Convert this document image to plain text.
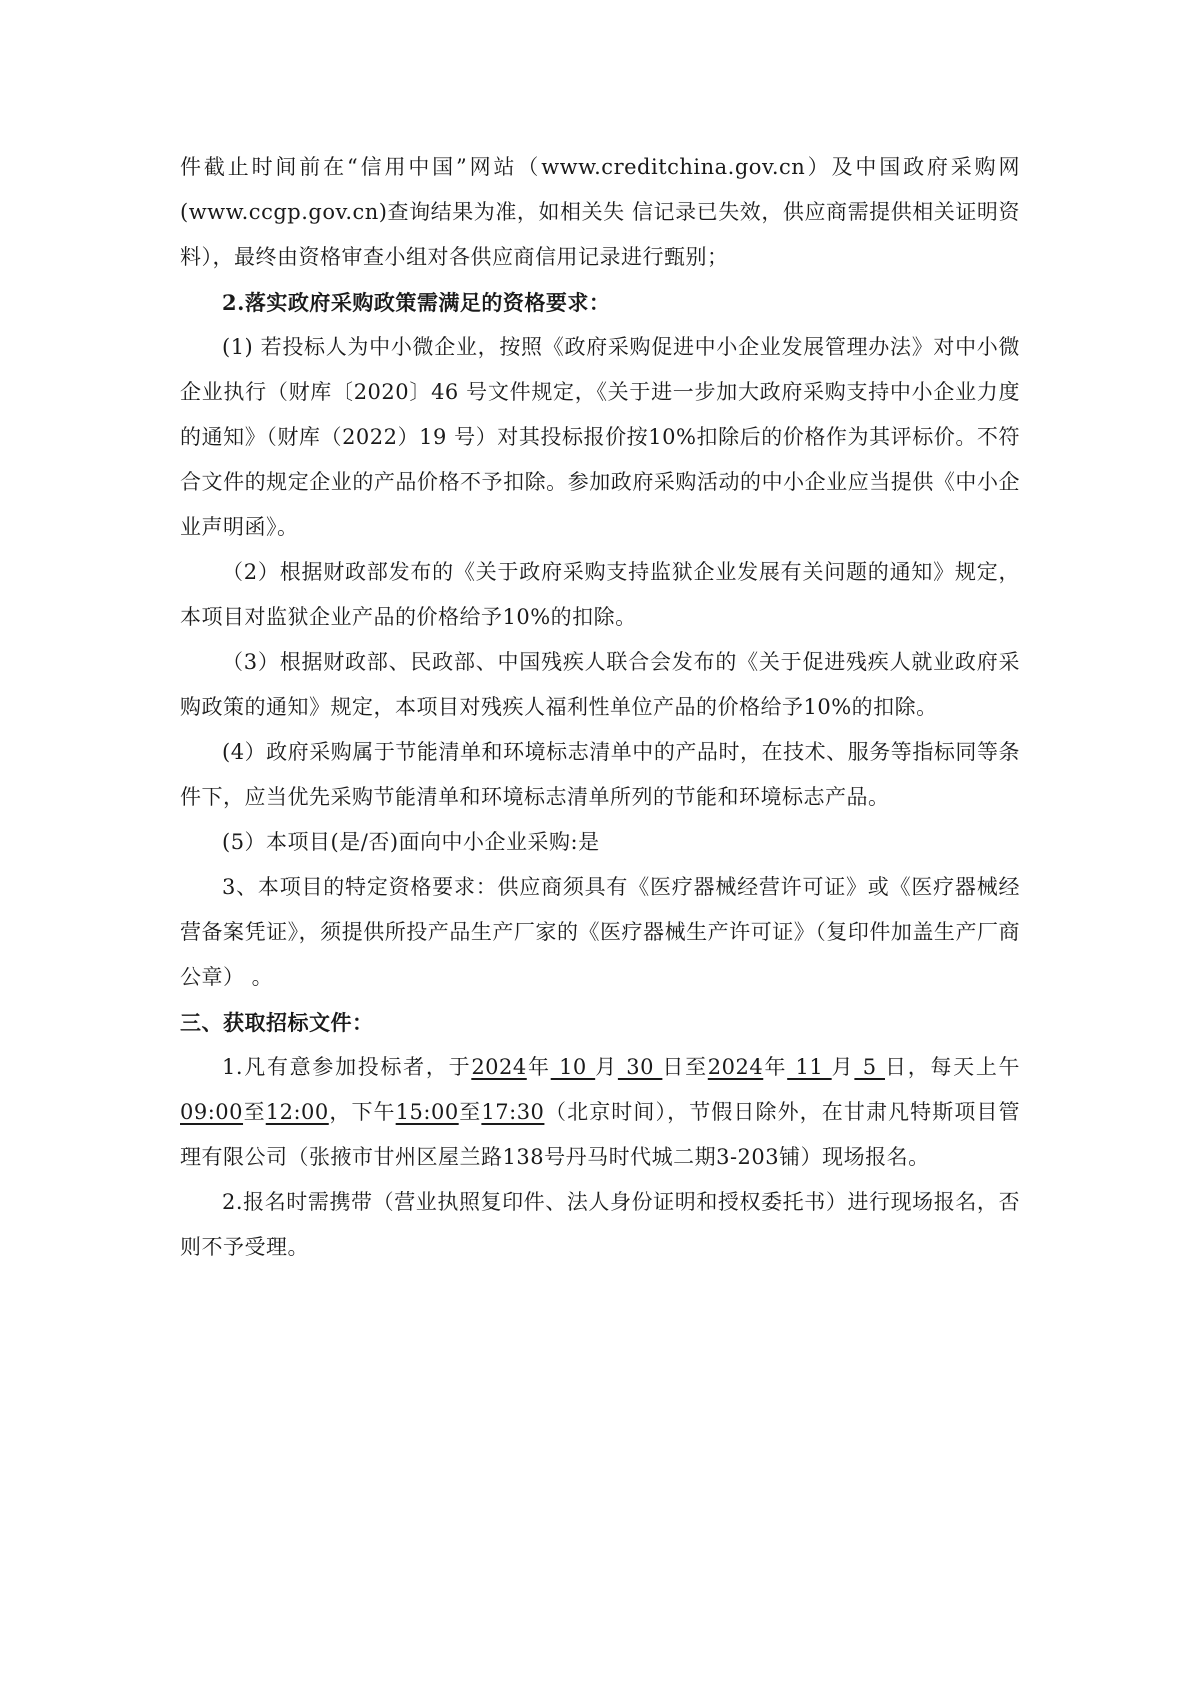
件截止时间前在“信用中国”网站（www.creditchina.gov.cn）及中国政府采购网(www.ccgp.gov.cn)查询结果为准，如相关失 信记录已失效，供应商需提供相关证明资料），最终由资格审查小组对各供应商信用记录进行甄别；

2.落实政府采购政策需满足的资格要求：

(1) 若投标人为中小微企业，按照《政府采购促进中小企业发展管理办法》对中小微企业执行（财库〔2020〕46 号文件规定，《关于进一步加大政府采购支持中小企业力度的通知》（财库（2022）19 号）对其投标报价按10%扣除后的价格作为其评标价。不符合文件的规定企业的产品价格不予扣除。参加政府采购活动的中小企业应当提供《中小企业声明函》。

（2）根据财政部发布的《关于政府采购支持监狱企业发展有关问题的通知》规定，本项目对监狱企业产品的价格给予10%的扣除。

（3）根据财政部、民政部、中国残疾人联合会发布的《关于促进残疾人就业政府采购政策的通知》规定，本项目对残疾人福利性单位产品的价格给予10%的扣除。

(4）政府采购属于节能清单和环境标志清单中的产品时，在技术、服务等指标同等条件下，应当优先采购节能清单和环境标志清单所列的节能和环境标志产品。

(5）本项目(是/否)面向中小企业采购:是

3、本项目的特定资格要求：供应商须具有《医疗器械经营许可证》或《医疗器械经营备案凭证》，须提供所投产品生产厂家的《医疗器械生产许可证》（复印件加盖生产厂商公章） 。

三、获取招标文件：

1.凡有意参加投标者，于2024年 10 月 30 日至2024年 11 月 5 日，每天上午09:00至12:00，下午15:00至17:30（北京时间），节假日除外，在甘肃凡特斯项目管理有限公司（张掖市甘州区屋兰路138号丹马时代城二期3-203铺）现场报名。

2.报名时需携带（营业执照复印件、法人身份证明和授权委托书）进行现场报名，否则不予受理。
